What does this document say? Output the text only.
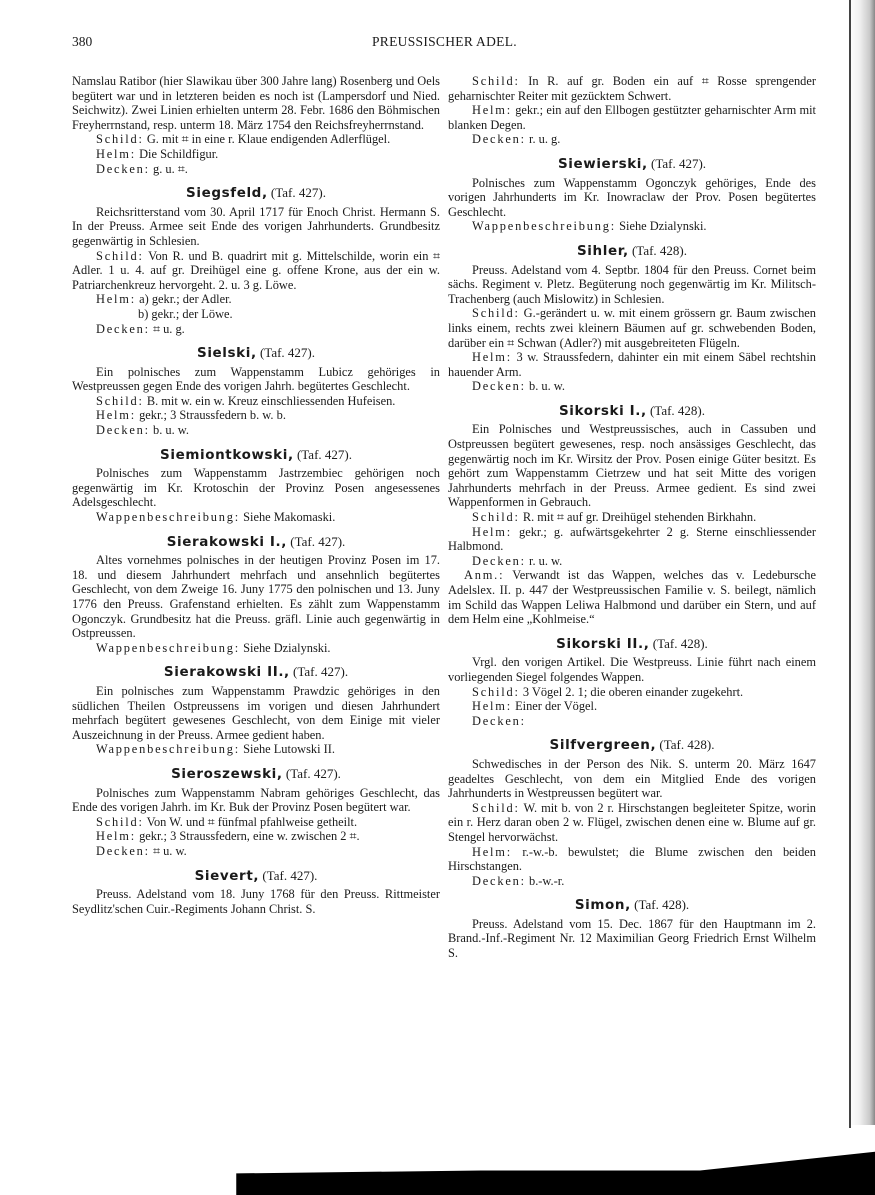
380	PREUSSISCHER ADEL.

Namslau Ratibor (hier Slawikau über 300 Jahre lang) Rosenberg und Oels begütert war und in letzteren beiden es noch ist (Lampersdorf und Nied. Seichwitz). Zwei Linien erhielten unterm 28. Febr. 1686 den Böhmischen Freyherrnstand, resp. unterm 18. März 1754 den Reichsfreyherrnstand.

Schild: G. mit ⌗ in eine r. Klaue endigenden Adlerflügel.

Helm: Die Schildfigur.

Decken: g. u. ⌗.

Siegsfeld, (Taf. 427).

Reichsritterstand vom 30. April 1717 für Enoch Christ. Hermann S. In der Preuss. Armee seit Ende des vorigen Jahrhunderts. Grundbesitz gegenwärtig in Schlesien.

Schild: Von R. und B. quadrirt mit g. Mittelschilde, worin ein ⌗ Adler. 1 u. 4. auf gr. Dreihügel eine g. offene Krone, aus der ein w. Patriarchenkreuz hervorgeht. 2. u. 3 g. Löwe.

Helm: a) gekr.; der Adler.

b) gekr.; der Löwe.

Decken: ⌗ u. g.

Sielski, (Taf. 427).

Ein polnisches zum Wappenstamm Lubicz gehöriges in Westpreussen gegen Ende des vorigen Jahrh. begütertes Geschlecht.

Schild: B. mit w. ein w. Kreuz einschliessenden Hufeisen.

Helm: gekr.; 3 Straussfedern b. w. b.

Decken: b. u. w.

Siemiontkowski, (Taf. 427).

Polnisches zum Wappenstamm Jastrzembiec gehörigen noch gegenwärtig im Kr. Krotoschin der Provinz Posen angesessenes Adelsgeschlecht.

Wappenbeschreibung: Siehe Makomaski.

Sierakowski I., (Taf. 427).

Altes vornehmes polnisches in der heutigen Provinz Posen im 17. 18. und diesem Jahrhundert mehrfach und ansehnlich begütertes Geschlecht, von dem Zweige 16. Juny 1775 den polnischen und 13. Juny 1776 den Preuss. Grafenstand erhielten. Es zählt zum Wappenstamm Ogonczyk. Grundbesitz hat die Preuss. gräfl. Linie auch gegenwärtig in Ostpreussen.

Wappenbeschreibung: Siehe Dzialynski.

Sierakowski II., (Taf. 427).

Ein polnisches zum Wappenstamm Prawdzic gehöriges in den südlichen Theilen Ostpreussens im vorigen und diesen Jahrhundert mehrfach begütert gewesenes Geschlecht, von dem Einige mit vieler Auszeichnung in der Preuss. Armee gedient haben.

Wappenbeschreibung: Siehe Lutowski II.

Sieroszewski, (Taf. 427).

Polnisches zum Wappenstamm Nabram gehöriges Geschlecht, das Ende des vorigen Jahrh. im Kr. Buk der Provinz Posen begütert war.

Schild: Von W. und ⌗ fünfmal pfahlweise getheilt.

Helm: gekr.; 3 Straussfedern, eine w. zwischen 2 ⌗.

Decken: ⌗ u. w.

Sievert, (Taf. 427).

Preuss. Adelstand vom 18. Juny 1768 für den Preuss. Rittmeister Seydlitz'schen Cuir.-Regiments Johann Christ. S.

Schild: In R. auf gr. Boden ein auf ⌗ Rosse sprengender geharnischter Reiter mit gezücktem Schwert.

Helm: gekr.; ein auf den Ellbogen gestützter geharnischter Arm mit blanken Degen.

Decken: r. u. g.

Siewierski, (Taf. 427).

Polnisches zum Wappenstamm Ogonczyk gehöriges, Ende des vorigen Jahrhunderts im Kr. Inowraclaw der Prov. Posen begütertes Geschlecht.

Wappenbeschreibung: Siehe Dzialynski.

Sihler, (Taf. 428).

Preuss. Adelstand vom 4. Septbr. 1804 für den Preuss. Cornet beim sächs. Regiment v. Pletz. Begüterung noch gegenwärtig im Kr. Militsch-Trachenberg (auch Mislowitz) in Schlesien.

Schild: G.-gerändert u. w. mit einem grössern gr. Baum zwischen links einem, rechts zwei kleinern Bäumen auf gr. schwebenden Boden, darüber ein ⌗ Schwan (Adler?) mit ausgebreiteten Flügeln.

Helm: 3 w. Straussfedern, dahinter ein mit einem Säbel rechtshin hauender Arm.

Decken: b. u. w.

Sikorski I., (Taf. 428).

Ein Polnisches und Westpreussisches, auch in Cassuben und Ostpreussen begütert gewesenes, resp. noch ansässiges Geschlecht, das gegenwärtig noch im Kr. Wirsitz der Prov. Posen einige Güter besitzt. Es gehört zum Wappenstamm Cietrzew und hat seit Mitte des vorigen Jahrhunderts mehrfach in der Preuss. Armee gedient. Es sind zwei Wappenformen in Gebrauch.

Schild: R. mit ⌗ auf gr. Dreihügel stehenden Birkhahn.

Helm: gekr.; g. aufwärtsgekehrter 2 g. Sterne einschliessender Halbmond.

Decken: r. u. w.

Anm.: Verwandt ist das Wappen, welches das v. Ledebursche Adelslex. II. p. 447 der Westpreussischen Familie v. S. beilegt, nämlich im Schild das Wappen Leliwa Halbmond und darüber ein Stern, und auf dem Helm eine „Kohlmeise.“

Sikorski II., (Taf. 428).

Vrgl. den vorigen Artikel. Die Westpreuss. Linie führt nach einem vorliegenden Siegel folgendes Wappen.

Schild: 3 Vögel 2. 1; die oberen einander zugekehrt.

Helm: Einer der Vögel.

Decken:

Silfvergreen, (Taf. 428).

Schwedisches in der Person des Nik. S. unterm 20. März 1647 geadeltes Geschlecht, von dem ein Mitglied Ende des vorigen Jahrhunderts in Westpreussen begütert war.

Schild: W. mit b. von 2 r. Hirschstangen begleiteter Spitze, worin ein r. Herz daran oben 2 w. Flügel, zwischen denen eine w. Blume auf gr. Stengel hervorwächst.

Helm: r.-w.-b. bewulstet; die Blume zwischen den beiden Hirschstangen.

Decken: b.-w.-r.

Simon, (Taf. 428).

Preuss. Adelstand vom 15. Dec. 1867 für den Hauptmann im 2. Brand.-Inf.-Regiment Nr. 12 Maximilian Georg Friedrich Ernst Wilhelm S.
